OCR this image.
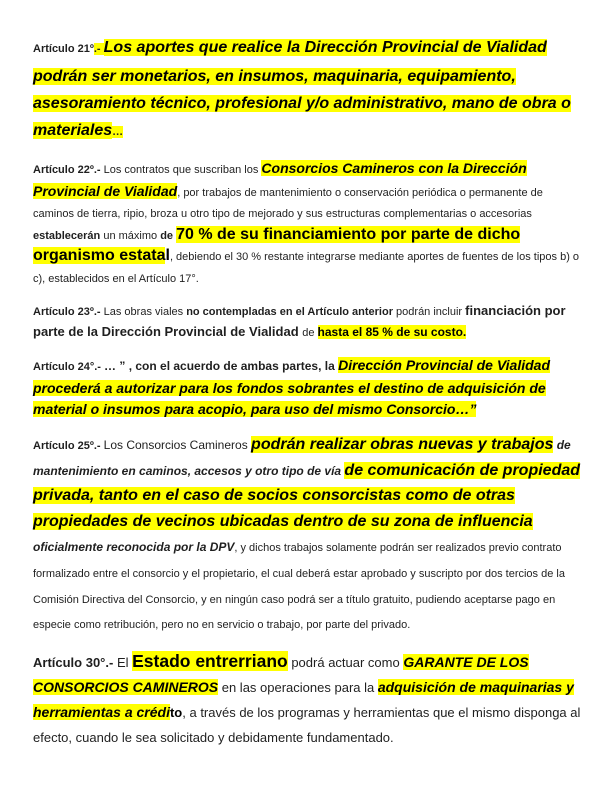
Artículo 21º.- Los aportes que realice la Dirección Provincial de Vialidad podrán ser monetarios, en insumos, maquinaria, equipamiento, asesoramiento técnico, profesional y/o administrativo, mano de obra o materiales…

Artículo 22º.- Los contratos que suscriban los Consorcios Camineros con la Dirección Provincial de Vialidad, por trabajos de mantenimiento o conservación periódica o permanente de caminos de tierra, ripio, broza u otro tipo de mejorado y sus estructuras complementarias o accesorias establecerán un máximo de 70 % de su financiamiento por parte de dicho organismo estatal, debiendo el 30 % restante integrarse mediante aportes de fuentes de los tipos b) o c), establecidos en el Artículo 17°.

Artículo 23º.- Las obras viales no contempladas en el Artículo anterior podrán incluir financiación por parte de la Dirección Provincial de Vialidad de hasta el 85 % de su costo.

Artículo 24°.- … ” , con el acuerdo de ambas partes, la Dirección Provincial de Vialidad procederá a autorizar para los fondos sobrantes el destino de adquisición de material o insumos para acopio, para uso del mismo Consorcio…”

Artículo 25º.- Los Consorcios Camineros podrán realizar obras nuevas y trabajos de mantenimiento en caminos, accesos y otro tipo de vía de comunicación de propiedad privada, tanto en el caso de socios consorcistas como de otras propiedades de vecinos ubicadas dentro de su zona de influencia oficialmente reconocida por la DPV, y dichos trabajos solamente podrán ser realizados previo contrato formalizado entre el consorcio y el propietario, el cual deberá estar aprobado y suscripto por dos tercios de la Comisión Directiva del Consorcio, y en ningún caso podrá ser a título gratuito, pudiendo aceptarse pago en especie como retribución, pero no en servicio o trabajo, por parte del privado.

Artículo 30°.- El Estado entrerriano podrá actuar como GARANTE DE LOS CONSORCIOS CAMINEROS en las operaciones para la adquisición de maquinarias y herramientas a crédito, a través de los programas y herramientas que el mismo disponga al efecto, cuando le sea solicitado y debidamente fundamentado.
